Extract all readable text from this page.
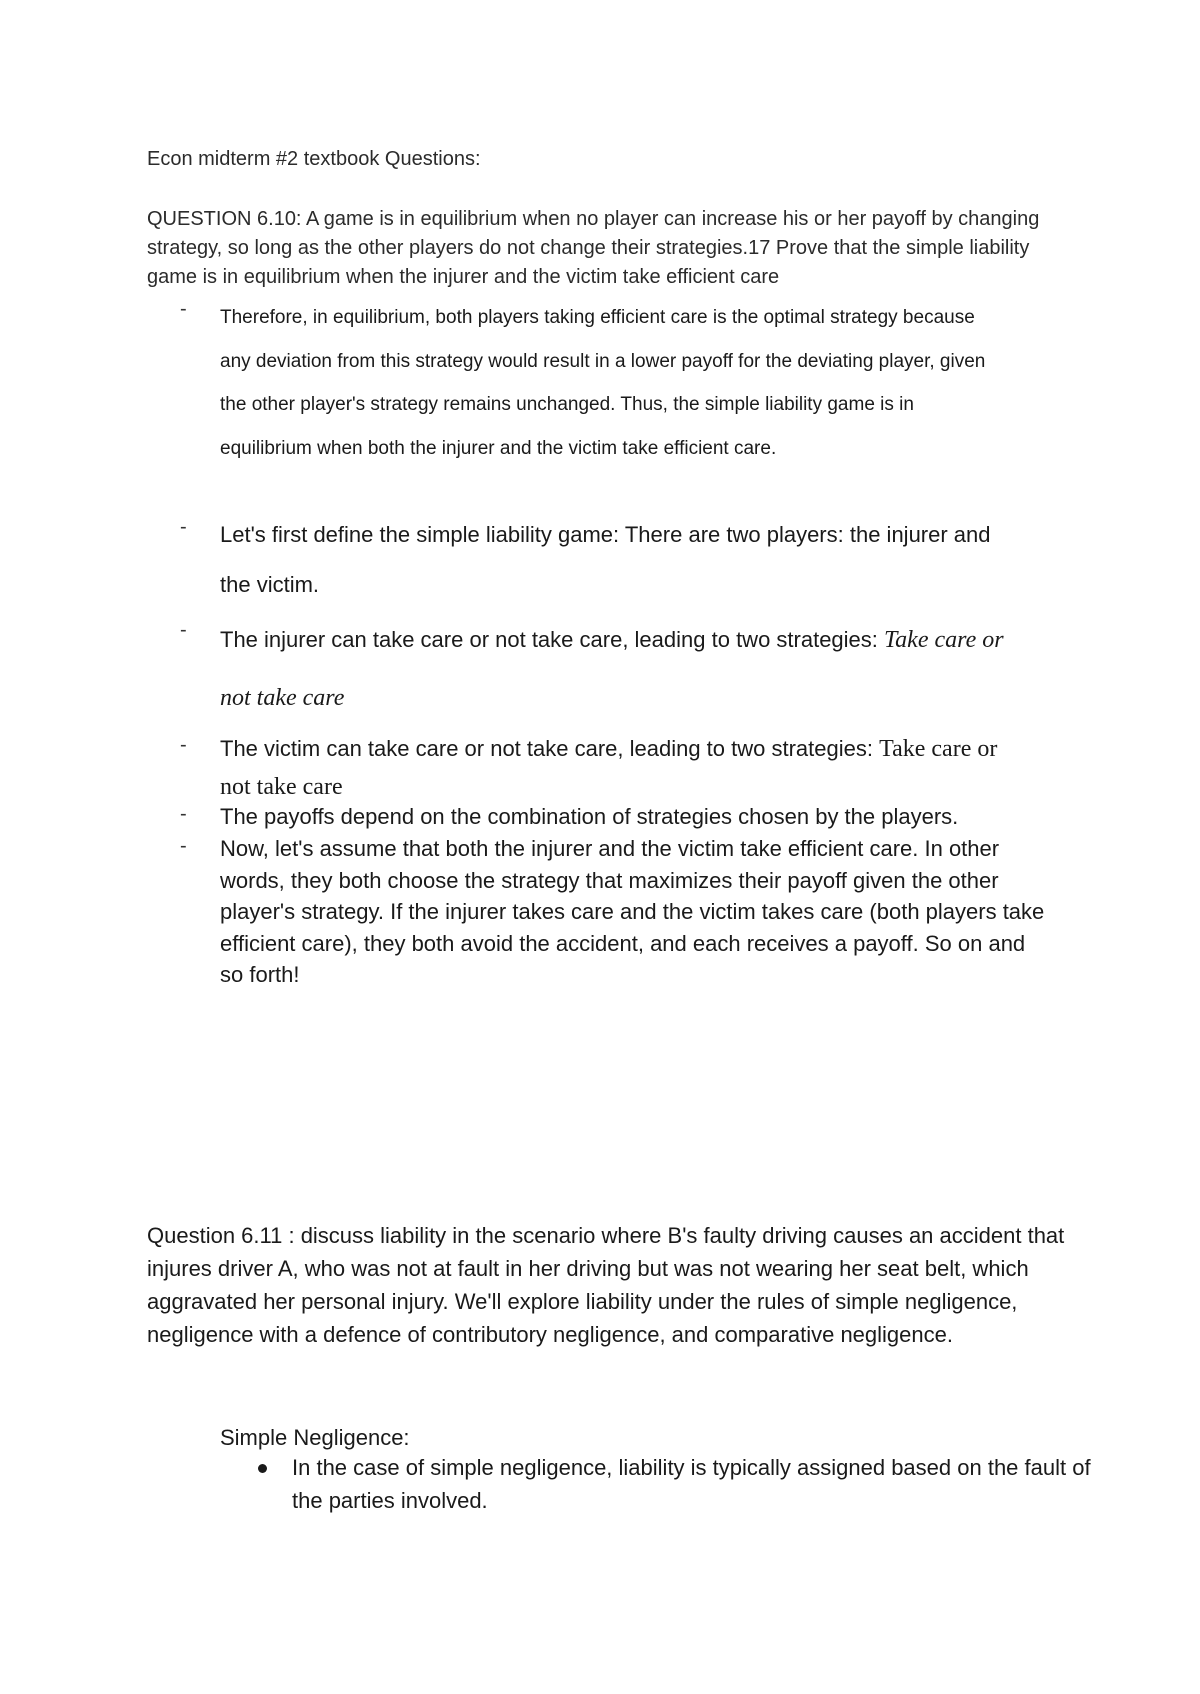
Econ midterm #2 textbook Questions:

QUESTION 6.10: A game is in equilibrium when no player can increase his or her payoff by changing strategy, so long as the other players do not change their strategies.17 Prove that the simple liability game is in equilibrium when the injurer and the victim take efficient care

- Therefore, in equilibrium, both players taking efficient care is the optimal strategy because any deviation from this strategy would result in a lower payoff for the deviating player, given the other player's strategy remains unchanged. Thus, the simple liability game is in equilibrium when both the injurer and the victim take efficient care.
- Let's first define the simple liability game: There are two players: the injurer and the victim.
- The injurer can take care or not take care, leading to two strategies: Take care or not take care
- The victim can take care or not take care, leading to two strategies: Take care or not take care
- The payoffs depend on the combination of strategies chosen by the players.
- Now, let's assume that both the injurer and the victim take efficient care. In other words, they both choose the strategy that maximizes their payoff given the other player's strategy. If the injurer takes care and the victim takes care (both players take efficient care), they both avoid the accident, and each receives a payoff. So on and so forth!

Question 6.11 : discuss liability in the scenario where B's faulty driving causes an accident that injures driver A, who was not at fault in her driving but was not wearing her seat belt, which aggravated her personal injury. We'll explore liability under the rules of simple negligence, negligence with a defence of contributory negligence, and comparative negligence.

Simple Negligence:
In the case of simple negligence, liability is typically assigned based on the fault of the parties involved.
